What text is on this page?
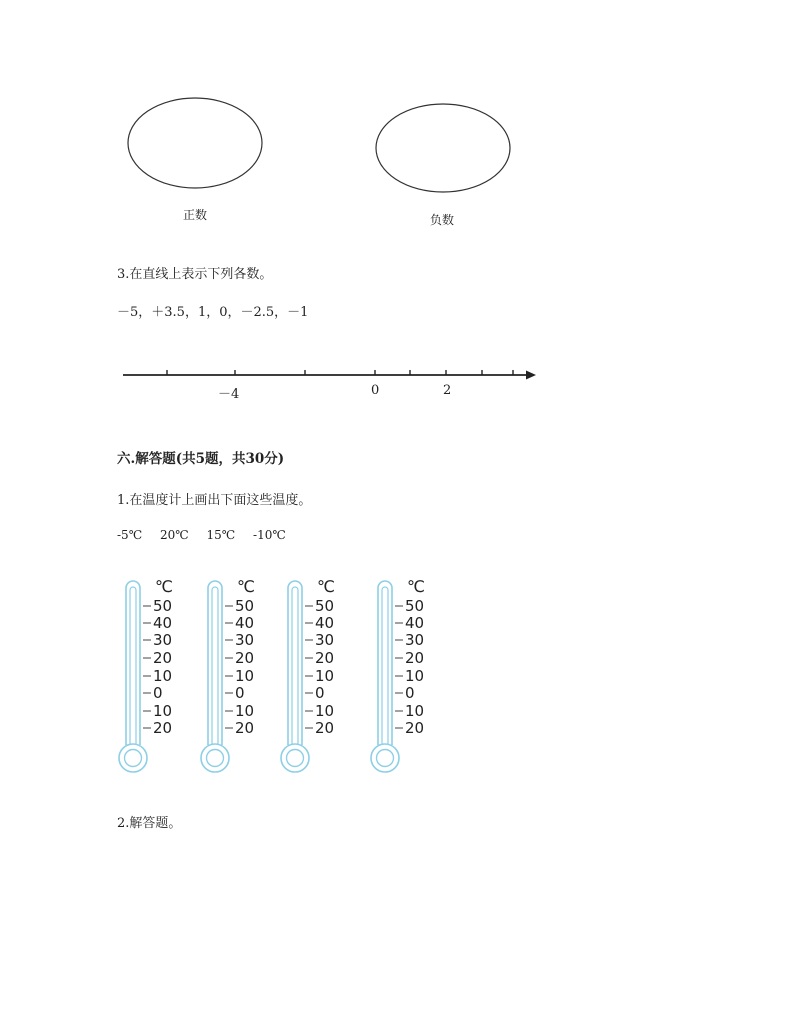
正数	负数
3.在直线上表示下列各数。
－5，＋3.5，1，0，－2.5，－1
－4	0	2
六.解答题(共5题，共30分)
1.在温度计上画出下面这些温度。
-5℃ 20℃ 15℃ -10℃
℃
50
40
30
20
10
0
10
20
℃
50
40
30
20
10
0
10
20
℃
50
40
30
20
10
0
10
20
℃
50
40
30
20
10
0
10
20
2.解答题。
